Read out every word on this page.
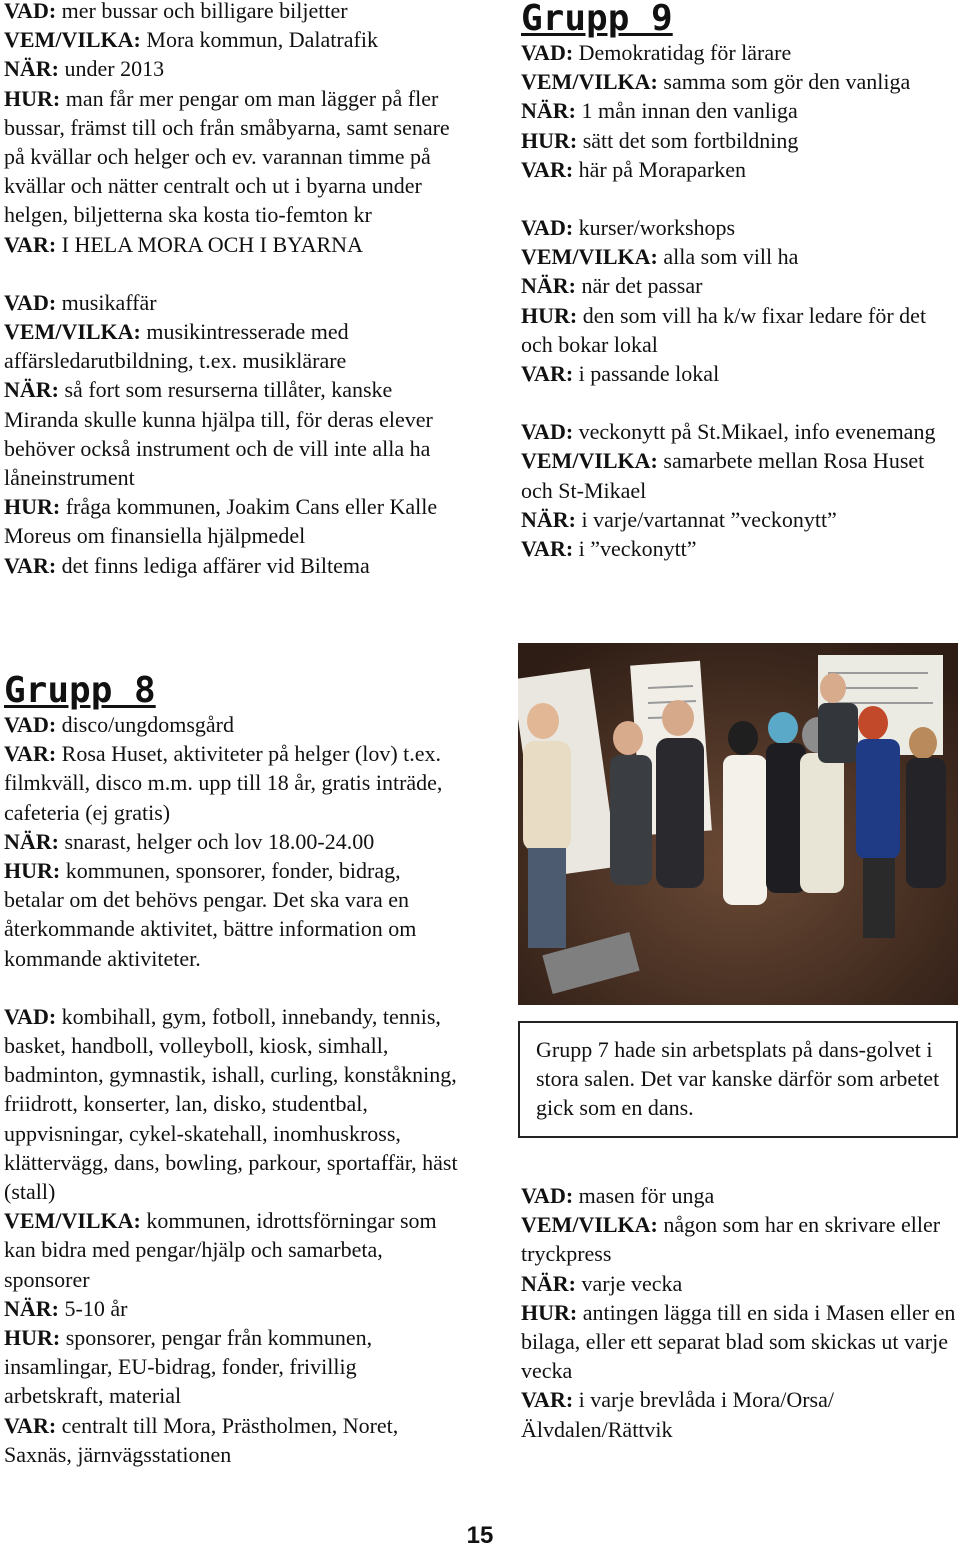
VAD: mer bussar och billigare biljetter

VEM/VILKA: Mora kommun, Dalatrafik

NÄR: under 2013

HUR: man får mer pengar om man lägger på fler bussar, främst till och från småbyarna, samt senare på kvällar och helger och ev. varannan timme på kvällar och nätter centralt och ut i byarna under helgen, biljetterna ska kosta tio-femton kr

VAR: I HELA MORA OCH I BYARNA

VAD: musikaffär

VEM/VILKA: musikintresserade med affärsledarutbildning, t.ex. musiklärare

NÄR: så fort som resurserna tillåter, kanske Miranda skulle kunna hjälpa till, för deras elever behöver också instrument och de vill inte alla ha låneinstrument

HUR: fråga kommunen, Joakim Cans eller Kalle Moreus om finansiella hjälpmedel

VAR: det finns lediga affärer vid Biltema

Grupp 9

VAD: Demokratidag för lärare

VEM/VILKA: samma som gör den vanliga

NÄR: 1 mån innan den vanliga

HUR: sätt det som fortbildning

VAR: här på Moraparken

VAD: kurser/workshops

VEM/VILKA: alla som vill ha

NÄR: när det passar

HUR: den som vill ha k/w fixar ledare för det och bokar lokal

VAR: i passande lokal

VAD: veckonytt på St.Mikael, info evenemang

VEM/VILKA: samarbete mellan Rosa Huset och St-Mikael

NÄR: i varje/vartannat ”veckonytt”

VAR: i ”veckonytt”

Grupp 8

VAD: disco/ungdomsgård

VAR: Rosa Huset, aktiviteter på helger (lov) t.ex. filmkväll, disco m.m. upp till 18 år, gratis inträde, cafeteria (ej gratis)

NÄR: snarast, helger och lov 18.00-24.00

HUR: kommunen, sponsorer, fonder, bidrag, betalar om det behövs pengar. Det ska vara en återkommande aktivitet, bättre information om kommande aktiviteter.

VAD: kombihall, gym, fotboll, innebandy, tennis, basket, handboll, volleyboll, kiosk, simhall, badminton, gymnastik, ishall, curling, konståkning, friidrott, konserter, lan, disko, studentbal, uppvisningar, cykel-skatehall, inomhuskross, klättervägg, dans, bowling, parkour, sportaffär, häst (stall)

VEM/VILKA: kommunen, idrottsförningar som kan bidra med pengar/hjälp och samarbeta, sponsorer

NÄR: 5-10 år

HUR: sponsorer, pengar från kommunen, insamlingar, EU-bidrag, fonder, frivillig arbetskraft, material

VAR: centralt till Mora, Prästholmen, Noret, Saxnäs, järnvägsstationen

Grupp 7 hade sin arbetsplats på dans-golvet i stora salen. Det var kanske därför som arbetet gick som en dans.

VAD: masen för unga

VEM/VILKA: någon som har en skrivare eller tryckpress

NÄR: varje vecka

HUR: antingen lägga till en sida i Masen eller en bilaga, eller ett separat blad som skickas ut varje vecka

VAR: i varje brevlåda i Mora/Orsa/Älvdalen/Rättvik

15
